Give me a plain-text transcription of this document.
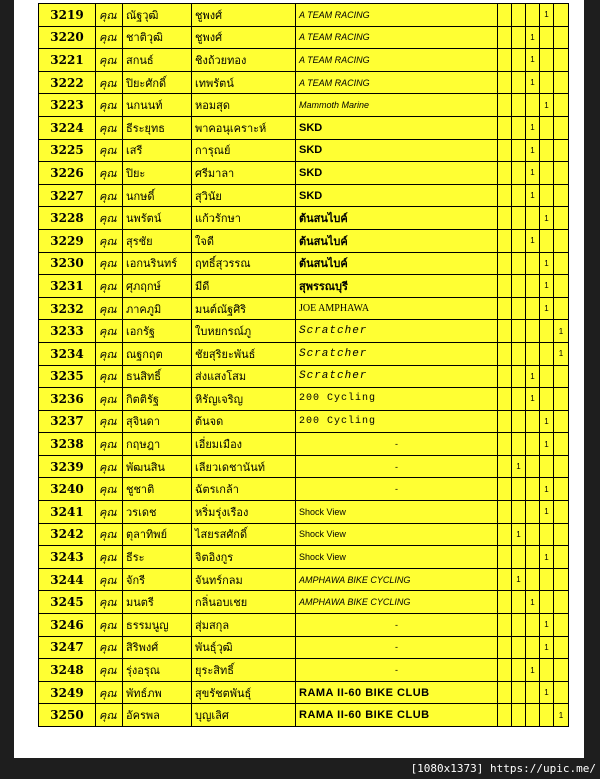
3219	คุณ	ณัฐวุฒิ	ชูพงศ์	A TEAM RACING				1	
3220	คุณ	ชาติวุฒิ	ชูพงศ์	A TEAM RACING			1		
3221	คุณ	สกนธ์	ชิงถ้วยทอง	A TEAM RACING			1		
3222	คุณ	ปิยะศักดิ์	เทพรัตน์	A TEAM RACING			1		
3223	คุณ	นกนนท์	หอมสุด	Mammoth Marine				1	
3224	คุณ	ธีระยุทธ	พาคอนุเคราะห์	SKD			1		
3225	คุณ	เสรี	การุณย์	SKD			1		
3226	คุณ	ปิยะ	ศรีมาลา	SKD			1		
3227	คุณ	นกษดิ์	สุวินัย	SKD			1		
3228	คุณ	นพรัตน์	แก้วรักษา	ต้นสนไบค์				1	
3229	คุณ	สุรชัย	ใจดี	ต้นสนไบค์			1		
3230	คุณ	เอกนรินทร์	ฤทธิ์สุวรรณ	ต้นสนไบค์				1	
3231	คุณ	ศุภฤกษ์	มีดี	สุพรรณบุรี				1	
3232	คุณ	ภาคภูมิ	มนต์ณัฐศิริ	JOE AMPHAWA				1	
3233	คุณ	เอกรัฐ	ใบหยกรณ์ภู	Scratcher					1
3234	คุณ	ณฐกฤต	ชัยสุริยะพันธ์	Scratcher					1
3235	คุณ	ธนสิทธิ์	ส่งแสงโสม	Scratcher			1		
3236	คุณ	กิตติรัฐ	หิรัญเจริญ	200 Cycling			1		
3237	คุณ	สุจินดา	ต้นจด	200 Cycling				1	
3238	คุณ	กฤษฎา	เอี่ยมเมือง	-				1	
3239	คุณ	พัฒนสิน	เลียวเดชานันท์	-		1			
3240	คุณ	ชูชาติ	ฉัตรเกล้า	-				1	
3241	คุณ	วรเดช	หริ่มรุ่งเรือง	Shock View				1	
3242	คุณ	ตุลาทิพย์	ไสยรสศักดิ์	Shock View		1			
3243	คุณ	ธีระ	จิตอิงกูร	Shock View				1	
3244	คุณ	จักรี	จันทร์กลม	AMPHAWA BIKE CYCLING		1			
3245	คุณ	มนตรี	กลิ่นอบเชย	AMPHAWA BIKE CYCLING			1		
3246	คุณ	ธรรมนูญ	สุ่มสกุล	-				1	
3247	คุณ	สิริพงศ์	พันธุ์วุฒิ	-				1	
3248	คุณ	รุ่งอรุณ	ยุระสิทธิ์	-			1		
3249	คุณ	พัทธ์ภพ	สุขรัชตพันธุ์	RAMA II-60 BIKE CLUB				1	
3250	คุณ	อัครพล	บุญเลิศ	RAMA II-60 BIKE CLUB					1
[1080x1373] https://upic.me/
